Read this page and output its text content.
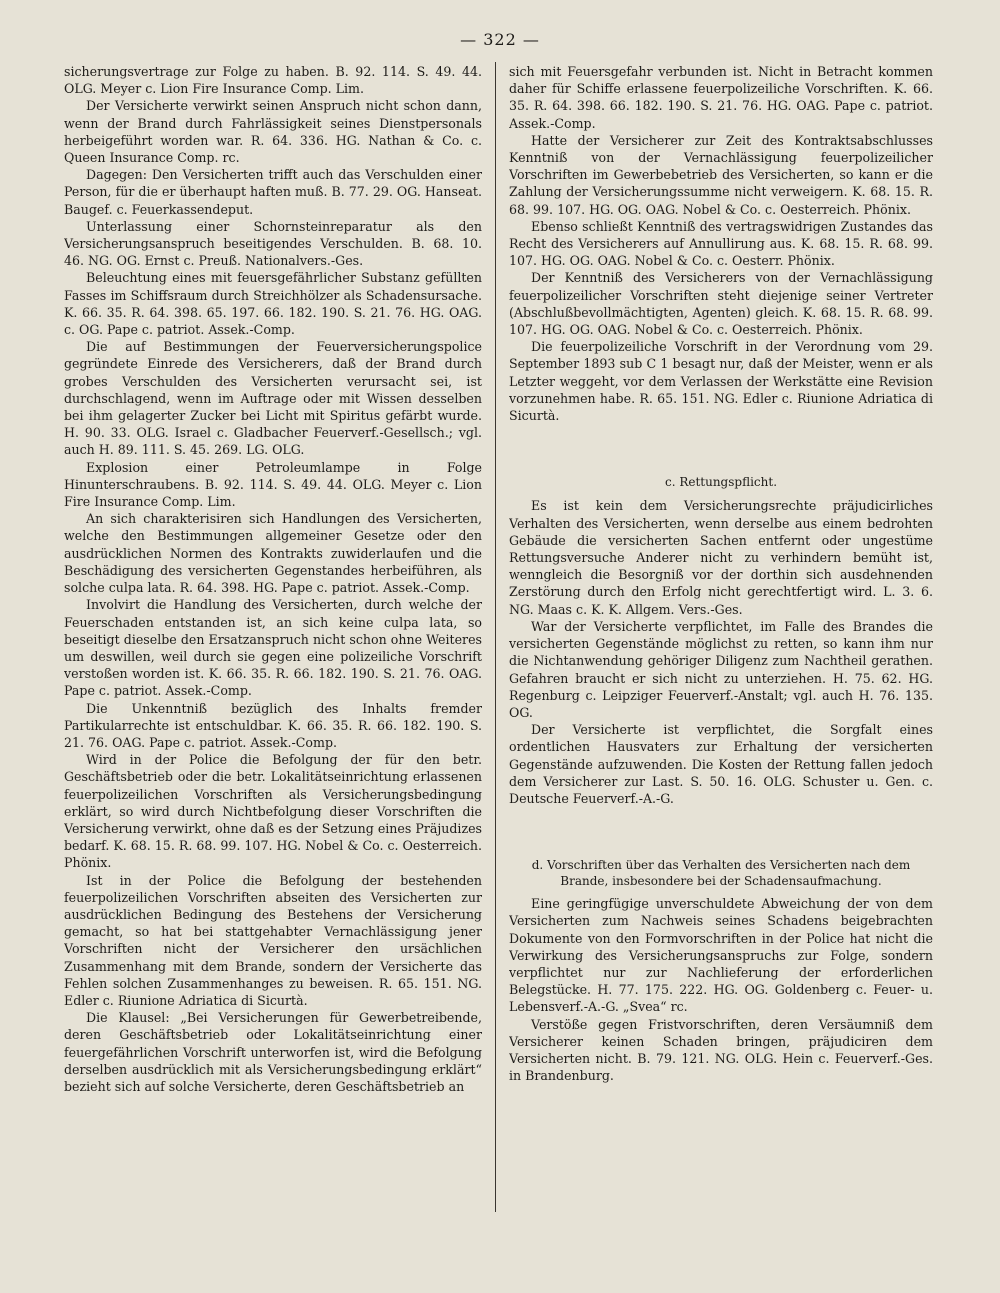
— 322 —

sicherungsvertrage zur Folge zu haben. B. 92. 114. S. 49. 44. OLG. Meyer c. Lion Fire Insurance Comp. Lim.

Der Versicherte verwirkt seinen Anspruch nicht schon dann, wenn der Brand durch Fahrlässigkeit seines Dienstpersonals herbeigeführt worden war. R. 64. 336. HG. Nathan & Co. c. Queen Insurance Comp. rc.

Dagegen: Den Versicherten trifft auch das Verschulden einer Person, für die er überhaupt haften muß. B. 77. 29. OG. Hanseat. Baugef. c. Feuerkassendeput.

Unterlassung einer Schornsteinreparatur als den Versicherungsanspruch beseitigendes Verschulden. B. 68. 10. 46. NG. OG. Ernst c. Preuß. Nationalvers.-Ges.

Beleuchtung eines mit feuersgefährlicher Substanz gefüllten Fasses im Schiffsraum durch Streichhölzer als Schadensursache. K. 66. 35. R. 64. 398. 65. 197. 66. 182. 190. S. 21. 76. HG. OAG. c. OG. Pape c. patriot. Assek.-Comp.

Die auf Bestimmungen der Feuerversicherungspolice gegründete Einrede des Versicherers, daß der Brand durch grobes Verschulden des Versicherten verursacht sei, ist durchschlagend, wenn im Auftrage oder mit Wissen desselben bei ihm gelagerter Zucker bei Licht mit Spiritus gefärbt wurde. H. 90. 33. OLG. Israel c. Gladbacher Feuerverf.-Gesellsch.; vgl. auch H. 89. 111. S. 45. 269. LG. OLG.

Explosion einer Petroleumlampe in Folge Hinunterschraubens. B. 92. 114. S. 49. 44. OLG. Meyer c. Lion Fire Insurance Comp. Lim.

An sich charakterisiren sich Handlungen des Versicherten, welche den Bestimmungen allgemeiner Gesetze oder den ausdrücklichen Normen des Kontrakts zuwiderlaufen und die Beschädigung des versicherten Gegenstandes herbeiführen, als solche culpa lata. R. 64. 398. HG. Pape c. patriot. Assek.-Comp.

Involvirt die Handlung des Versicherten, durch welche der Feuerschaden entstanden ist, an sich keine culpa lata, so beseitigt dieselbe den Ersatzanspruch nicht schon ohne Weiteres um deswillen, weil durch sie gegen eine polizeiliche Vorschrift verstoßen worden ist. K. 66. 35. R. 66. 182. 190. S. 21. 76. OAG. Pape c. patriot. Assek.-Comp.

Die Unkenntniß bezüglich des Inhalts fremder Partikularrechte ist entschuldbar. K. 66. 35. R. 66. 182. 190. S. 21. 76. OAG. Pape c. patriot. Assek.-Comp.

Wird in der Police die Befolgung der für den betr. Geschäftsbetrieb oder die betr. Lokalitätseinrichtung erlassenen feuerpolizeilichen Vorschriften als Versicherungsbedingung erklärt, so wird durch Nichtbefolgung dieser Vorschriften die Versicherung verwirkt, ohne daß es der Setzung eines Präjudizes bedarf. K. 68. 15. R. 68. 99. 107. HG. Nobel & Co. c. Oesterreich. Phönix.

Ist in der Police die Befolgung der bestehenden feuerpolizeilichen Vorschriften abseiten des Versicherten zur ausdrücklichen Bedingung des Bestehens der Versicherung gemacht, so hat bei stattgehabter Vernachlässigung jener Vorschriften nicht der Versicherer den ursächlichen Zusammenhang mit dem Brande, sondern der Versicherte das Fehlen solchen Zusammenhanges zu beweisen. R. 65. 151. NG. Edler c. Riunione Adriatica di Sicurtà.

Die Klausel: „Bei Versicherungen für Gewerbetreibende, deren Geschäftsbetrieb oder Lokalitätseinrichtung einer feuergefährlichen Vorschrift unterworfen ist, wird die Befolgung derselben ausdrücklich mit als Versicherungsbedingung erklärt“ bezieht sich auf solche Versicherte, deren Geschäftsbetrieb an

sich mit Feuersgefahr verbunden ist. Nicht in Betracht kommen daher für Schiffe erlassene feuerpolizeiliche Vorschriften. K. 66. 35. R. 64. 398. 66. 182. 190. S. 21. 76. HG. OAG. Pape c. patriot. Assek.-Comp.

Hatte der Versicherer zur Zeit des Kontraktsabschlusses Kenntniß von der Vernachlässigung feuerpolizeilicher Vorschriften im Gewerbebetrieb des Versicherten, so kann er die Zahlung der Versicherungssumme nicht verweigern. K. 68. 15. R. 68. 99. 107. HG. OG. OAG. Nobel & Co. c. Oesterreich. Phönix.

Ebenso schließt Kenntniß des vertragswidrigen Zustandes das Recht des Versicherers auf Annullirung aus. K. 68. 15. R. 68. 99. 107. HG. OG. OAG. Nobel & Co. c. Oesterr. Phönix.

Der Kenntniß des Versicherers von der Vernachlässigung feuerpolizeilicher Vorschriften steht diejenige seiner Vertreter (Abschlußbevollmächtigten, Agenten) gleich. K. 68. 15. R. 68. 99. 107. HG. OG. OAG. Nobel & Co. c. Oesterreich. Phönix.

Die feuerpolizeiliche Vorschrift in der Verordnung vom 29. September 1893 sub C 1 besagt nur, daß der Meister, wenn er als Letzter weggeht, vor dem Verlassen der Werkstätte eine Revision vorzunehmen habe. R. 65. 151. NG. Edler c. Riunione Adriatica di Sicurtà.

c. Rettungspflicht.

Es ist kein dem Versicherungsrechte präjudicirliches Verhalten des Versicherten, wenn derselbe aus einem bedrohten Gebäude die versicherten Sachen entfernt oder ungestüme Rettungsversuche Anderer nicht zu verhindern bemüht ist, wenngleich die Besorgniß vor der dorthin sich ausdehnenden Zerstörung durch den Erfolg nicht gerechtfertigt wird. L. 3. 6. NG. Maas c. K. K. Allgem. Vers.-Ges.

War der Versicherte verpflichtet, im Falle des Brandes die versicherten Gegenstände möglichst zu retten, so kann ihm nur die Nichtanwendung gehöriger Diligenz zum Nachtheil gerathen. Gefahren braucht er sich nicht zu unterziehen. H. 75. 62. HG. Regenburg c. Leipziger Feuerverf.-Anstalt; vgl. auch H. 76. 135. OG.

Der Versicherte ist verpflichtet, die Sorgfalt eines ordentlichen Hausvaters zur Erhaltung der versicherten Gegenstände aufzuwenden. Die Kosten der Rettung fallen jedoch dem Versicherer zur Last. S. 50. 16. OLG. Schuster u. Gen. c. Deutsche Feuerverf.-A.-G.

d. Vorschriften über das Verhalten des Versicherten nach dem Brande, insbesondere bei der Schadensaufmachung.

Eine geringfügige unverschuldete Abweichung der von dem Versicherten zum Nachweis seines Schadens beigebrachten Dokumente von den Formvorschriften in der Police hat nicht die Verwirkung des Versicherungsanspruchs zur Folge, sondern verpflichtet nur zur Nachlieferung der erforderlichen Belegstücke. H. 77. 175. 222. HG. OG. Goldenberg c. Feuer- u. Lebensverf.-A.-G. „Svea“ rc.

Verstöße gegen Fristvorschriften, deren Versäumniß dem Versicherer keinen Schaden bringen, präjudiciren dem Versicherten nicht. B. 79. 121. NG. OLG. Hein c. Feuerverf.-Ges. in Brandenburg.
